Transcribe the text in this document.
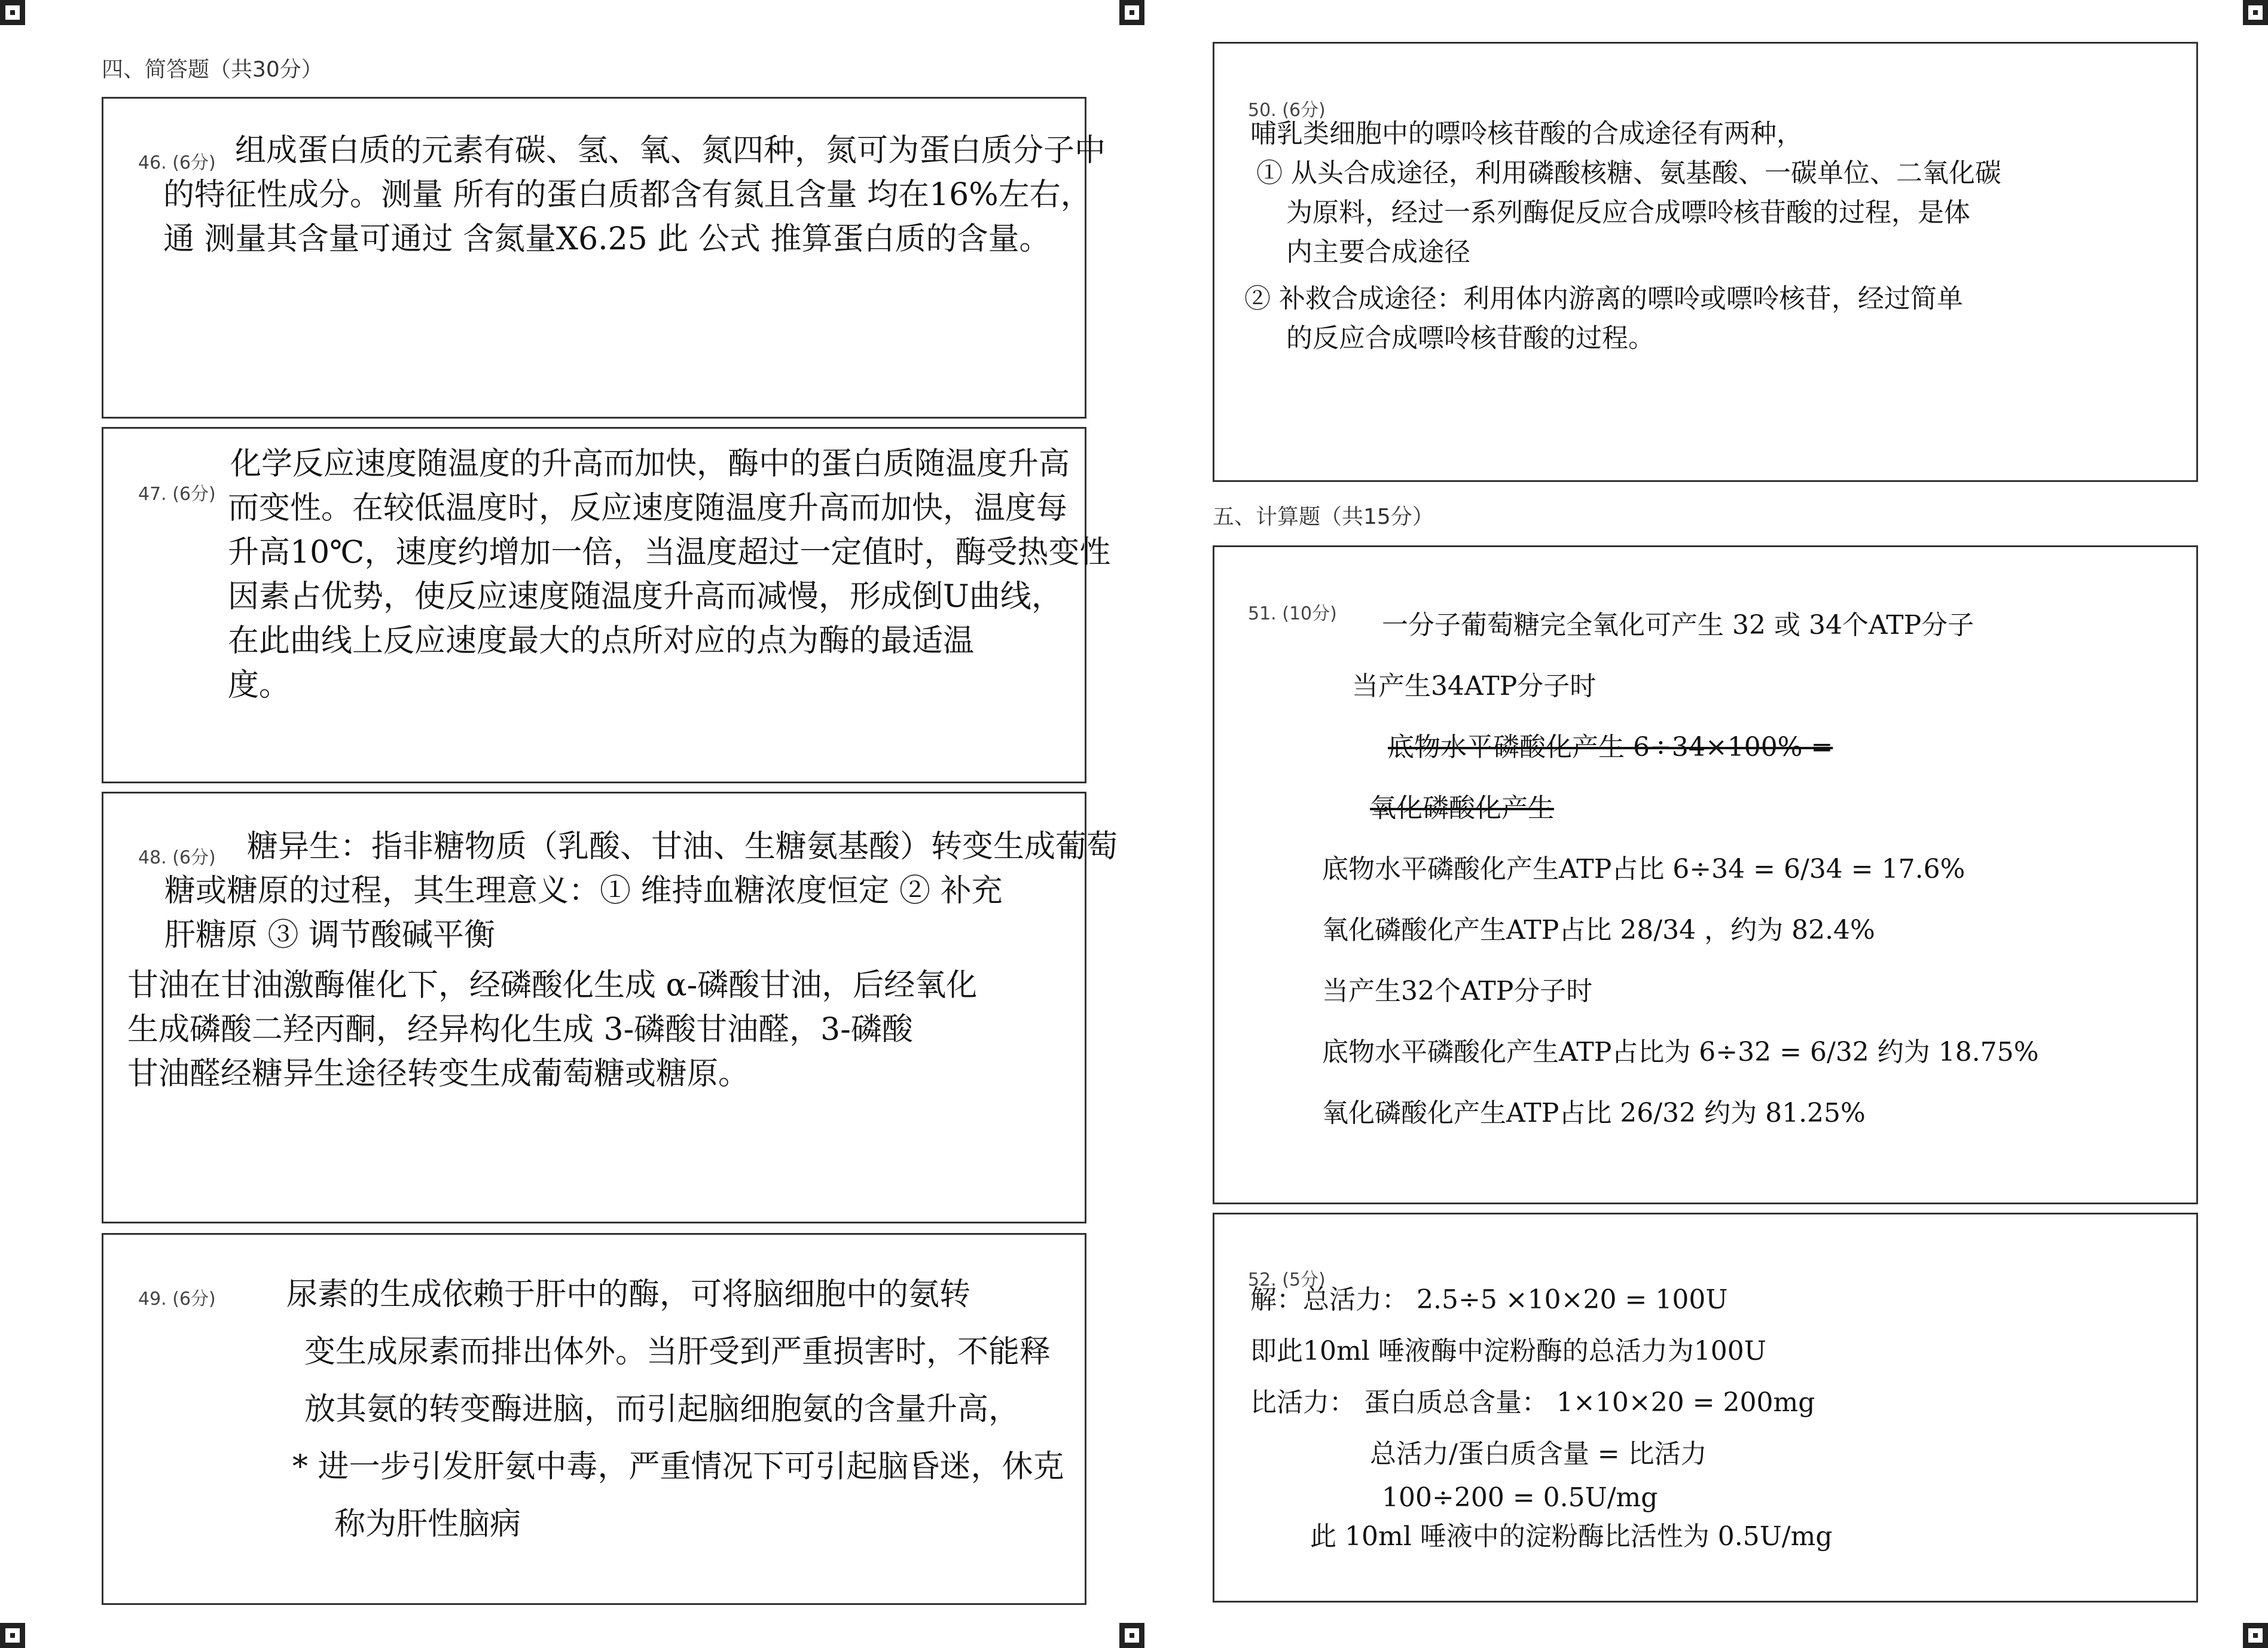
四、简答题（共30分）
五、计算题（共15分）
46. (6分) 组成蛋白质的元素有碳、氢、氧、氮四种，氮可为蛋白质分子中
的特征性成分。测量 所有的蛋白质都含有氮且含量 均在16%左右，
通 测量其含量可通过 含氮量X6.25 此 公式 推算蛋白质的含量。
47. (6分)
化学反应速度随温度的升高而加快，酶中的蛋白质随温度升高
而变性。在较低温度时，反应速度随温度升高而加快，温度每
升高10℃，速度约增加一倍，当温度超过一定值时，酶受热变性
因素占优势，使反应速度随温度升高而减慢，形成倒U曲线，
在此曲线上反应速度最大的点所对应的点为酶的最适温
度。
48. (6分) 糖异生：指非糖物质（乳酸、甘油、生糖氨基酸）转变生成葡萄
糖或糖原的过程，其生理意义：① 维持血糖浓度恒定 ② 补充
肝糖原 ③ 调节酸碱平衡
甘油在甘油激酶催化下，经磷酸化生成 α-磷酸甘油，后经氧化
生成磷酸二羟丙酮，经异构化生成 3-磷酸甘油醛，3-磷酸
甘油醛经糖异生途径转变生成葡萄糖或糖原。
49. (6分) 尿素的生成依赖于肝中的酶，可将脑细胞中的氨转
变生成尿素而排出体外。当肝受到严重损害时，不能释
放其氨的转变酶进脑，而引起脑细胞氨的含量升高，
* 进一步引发肝氨中毒，严重情况下可引起脑昏迷，休克
称为肝性脑病
50. (6分)
哺乳类细胞中的嘌呤核苷酸的合成途径有两种，
① 从头合成途径，利用磷酸核糖、氨基酸、一碳单位、二氧化碳
为原料，经过一系列酶促反应合成嘌呤核苷酸的过程，是体
内主要合成途径
② 补救合成途径：利用体内游离的嘌呤或嘌呤核苷，经过简单
的反应合成嘌呤核苷酸的过程。
51. (10分) 一分子葡萄糖完全氧化可产生 32 或 34个ATP分子
当产生34ATP分子时
底物水平磷酸化产生 6÷34×100% =
氧化磷酸化产生
底物水平磷酸化产生ATP占比 6÷34 = 6/34 = 17.6%
氧化磷酸化产生ATP占比 28/34 ，约为 82.4%
当产生32个ATP分子时
底物水平磷酸化产生ATP占比为 6÷32 = 6/32 约为 18.75%
氧化磷酸化产生ATP占比 26/32 约为 81.25%
52. (5分)
解：总活力： 2.5÷5 ×10×20 = 100U
即此10ml 唾液酶中淀粉酶的总活力为100U
比活力： 蛋白质总含量： 1×10×20 = 200mg
总活力/蛋白质含量 = 比活力
100÷200 = 0.5U/mg
此 10ml 唾液中的淀粉酶比活性为 0.5U/mg
